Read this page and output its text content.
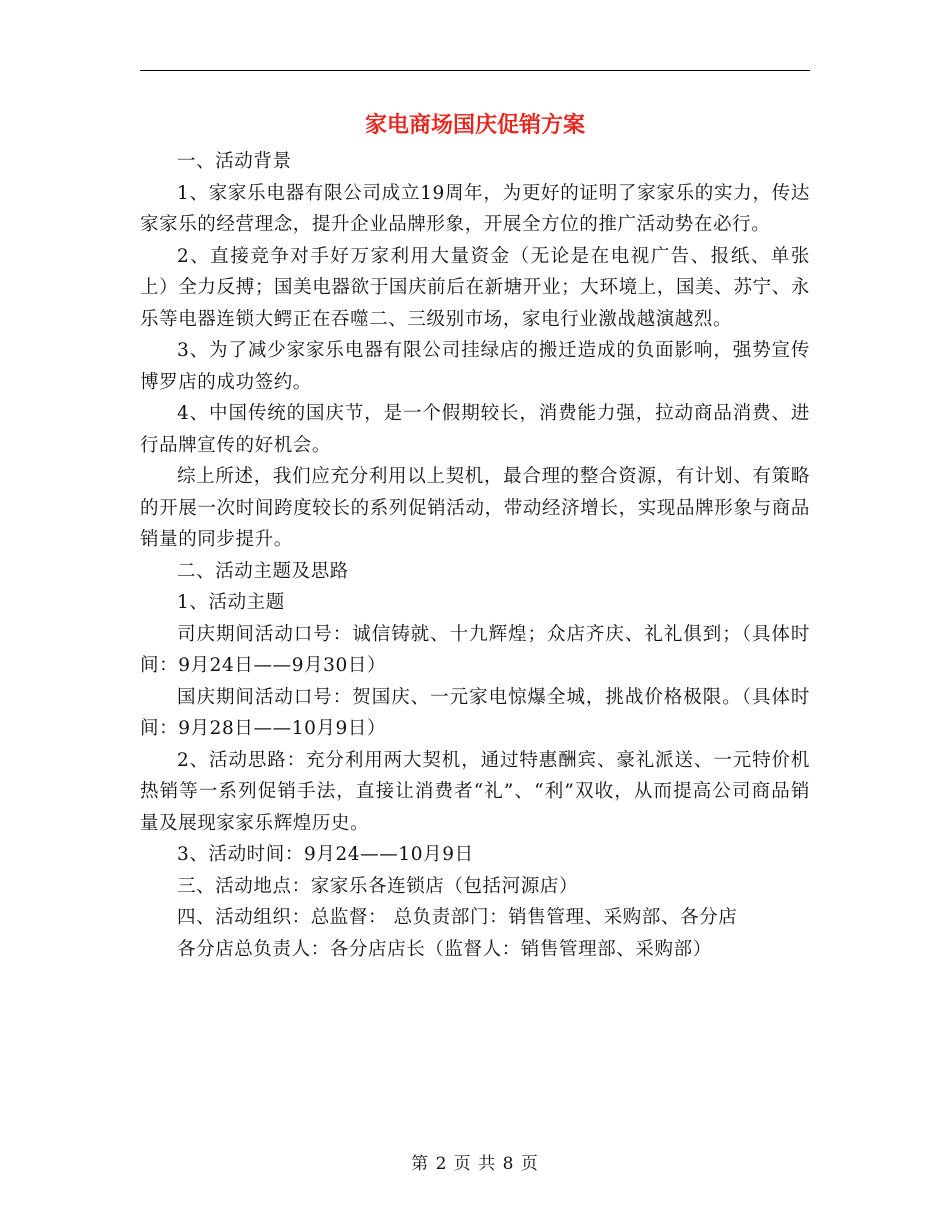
家电商场国庆促销方案

一、活动背景

1、家家乐电器有限公司成立19周年，为更好的证明了家家乐的实力，传达家家乐的经营理念，提升企业品牌形象，开展全方位的推广活动势在必行。

2、直接竞争对手好万家利用大量资金（无论是在电视广告、报纸、单张上）全力反搏；国美电器欲于国庆前后在新塘开业；大环境上，国美、苏宁、永乐等电器连锁大鳄正在吞噬二、三级别市场，家电行业激战越演越烈。

3、为了减少家家乐电器有限公司挂绿店的搬迁造成的负面影响，强势宣传博罗店的成功签约。

4、中国传统的国庆节，是一个假期较长，消费能力强，拉动商品消费、进行品牌宣传的好机会。

综上所述，我们应充分利用以上契机，最合理的整合资源，有计划、有策略的开展一次时间跨度较长的系列促销活动，带动经济增长，实现品牌形象与商品销量的同步提升。

二、活动主题及思路

1、活动主题

司庆期间活动口号：诚信铸就、十九辉煌；众店齐庆、礼礼俱到；（具体时间：9月24日——9月30日）

国庆期间活动口号：贺国庆、一元家电惊爆全城，挑战价格极限。（具体时间：9月28日——10月9日）

2、活动思路：充分利用两大契机，通过特惠酬宾、豪礼派送、一元特价机热销等一系列促销手法，直接让消费者“礼”、“利”双收，从而提高公司商品销量及展现家家乐辉煌历史。

3、活动时间：9月24——10月9日

三、活动地点：家家乐各连锁店（包括河源店）

四、活动组织：总监督： 总负责部门：销售管理、采购部、各分店

各分店总负责人：各分店店长（监督人：销售管理部、采购部）

第 2 页 共 8 页
